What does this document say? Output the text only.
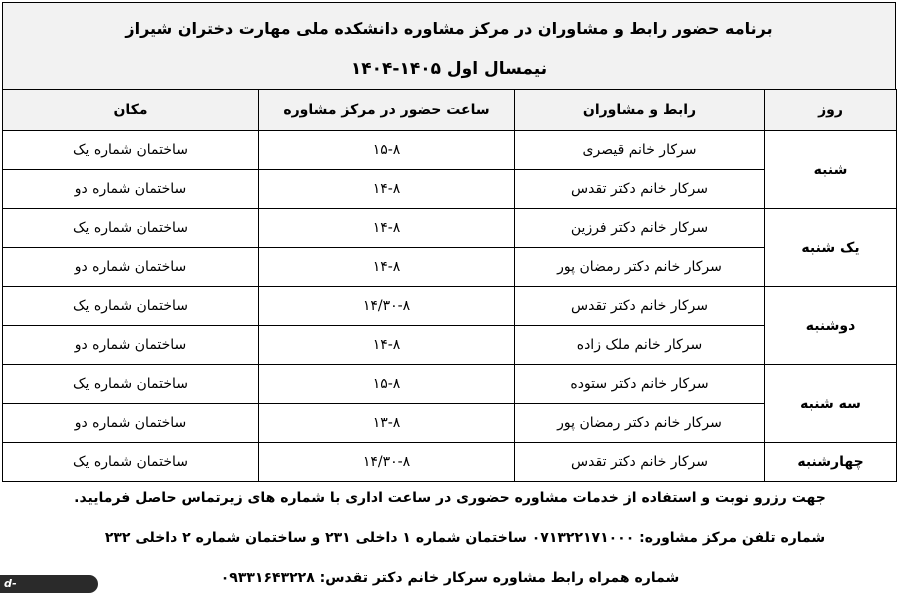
برنامه حضور رابط و مشاوران در مرکز مشاوره دانشکده ملی مهارت دختران شیراز
نیمسال اول ۱۴۰۵-۱۴۰۴
روز	رابط و مشاوران	ساعت حضور در مرکز مشاوره	مکان
شنبه	سرکار خانم قیصری	۱۵-۸	ساختمان شماره یک
	سرکار خانم دکتر تقدس	۱۴-۸	ساختمان شماره دو
یک شنبه	سرکار خانم دکتر فرزین	۱۴-۸	ساختمان شماره یک
	سرکار خانم دکتر رمضان پور	۱۴-۸	ساختمان شماره دو
دوشنبه	سرکار خانم دکتر تقدس	۱۴/۳۰-۸	ساختمان شماره یک
	سرکار خانم ملک زاده	۱۴-۸	ساختمان شماره دو
سه شنبه	سرکار خانم دکتر ستوده	۱۵-۸	ساختمان شماره یک
	سرکار خانم دکتر رمضان پور	۱۳-۸	ساختمان شماره دو
چهارشنبه	سرکار خانم دکتر تقدس	۱۴/۳۰-۸	ساختمان شماره یک
جهت رزرو نوبت و استفاده از خدمات مشاوره حضوری در ساعت اداری با شماره های زیرتماس حاصل فرمایید.
شماره تلفن مرکز مشاوره: ۰۷۱۳۲۲۱۷۱۰۰۰ ساختمان شماره ۱ داخلی ۲۳۱ و ساختمان شماره ۲ داخلی ۲۳۲
شماره همراه رابط مشاوره سرکار خانم دکتر تقدس: ۰۹۳۳۱۶۴۳۲۲۸
d-shiraz.nus.ac.ir
